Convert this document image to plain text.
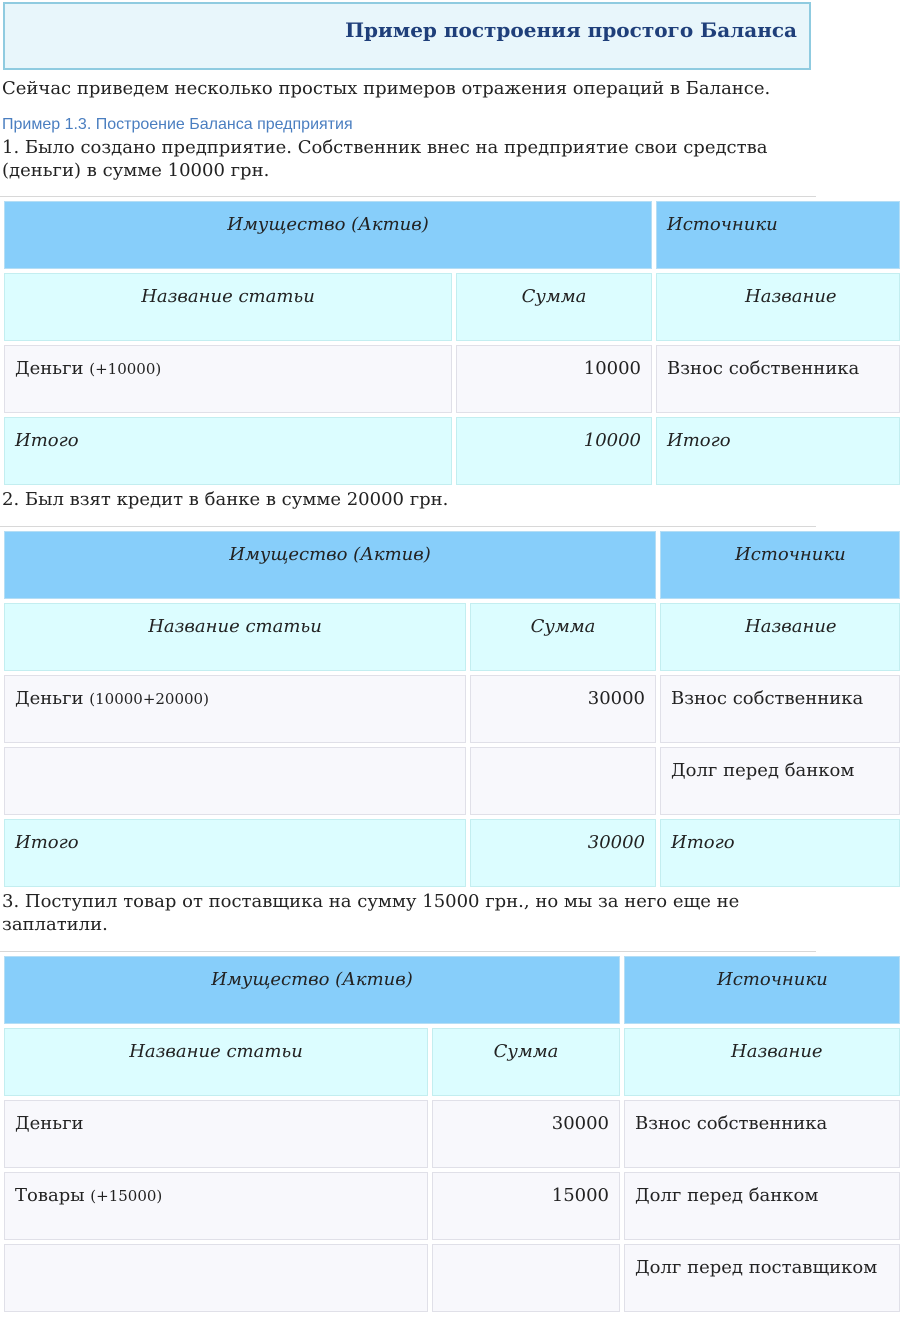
Пример построения простого Баланса
Сейчас приведем несколько простых примеров отражения операций в Балансе.
Пример 1.3. Построение Баланса предприятия
1. Было создано предприятие. Собственник внес на предприятие свои средства
(деньги) в сумме 10000 грн.
Имущество (Актив)		Источники
Название статьи	Сумма	Название
Деньги (+10000)	10000	Взнос собственника
Итого	10000	Итого
2. Был взят кредит в банке в сумме 20000 грн.
Имущество (Актив)		Источники
Название статьи	Сумма	Название
Деньги (10000+20000)	30000	Взнос собственника
		Долг перед банком
Итого	30000	Итого
3. Поступил товар от поставщика на сумму 15000 грн., но мы за него еще не
заплатили.
Имущество (Актив)		Источники
Название статьи	Сумма	Название
Деньги	30000	Взнос собственника
Товары (+15000)	15000	Долг перед банком
		Долг перед поставщиком
